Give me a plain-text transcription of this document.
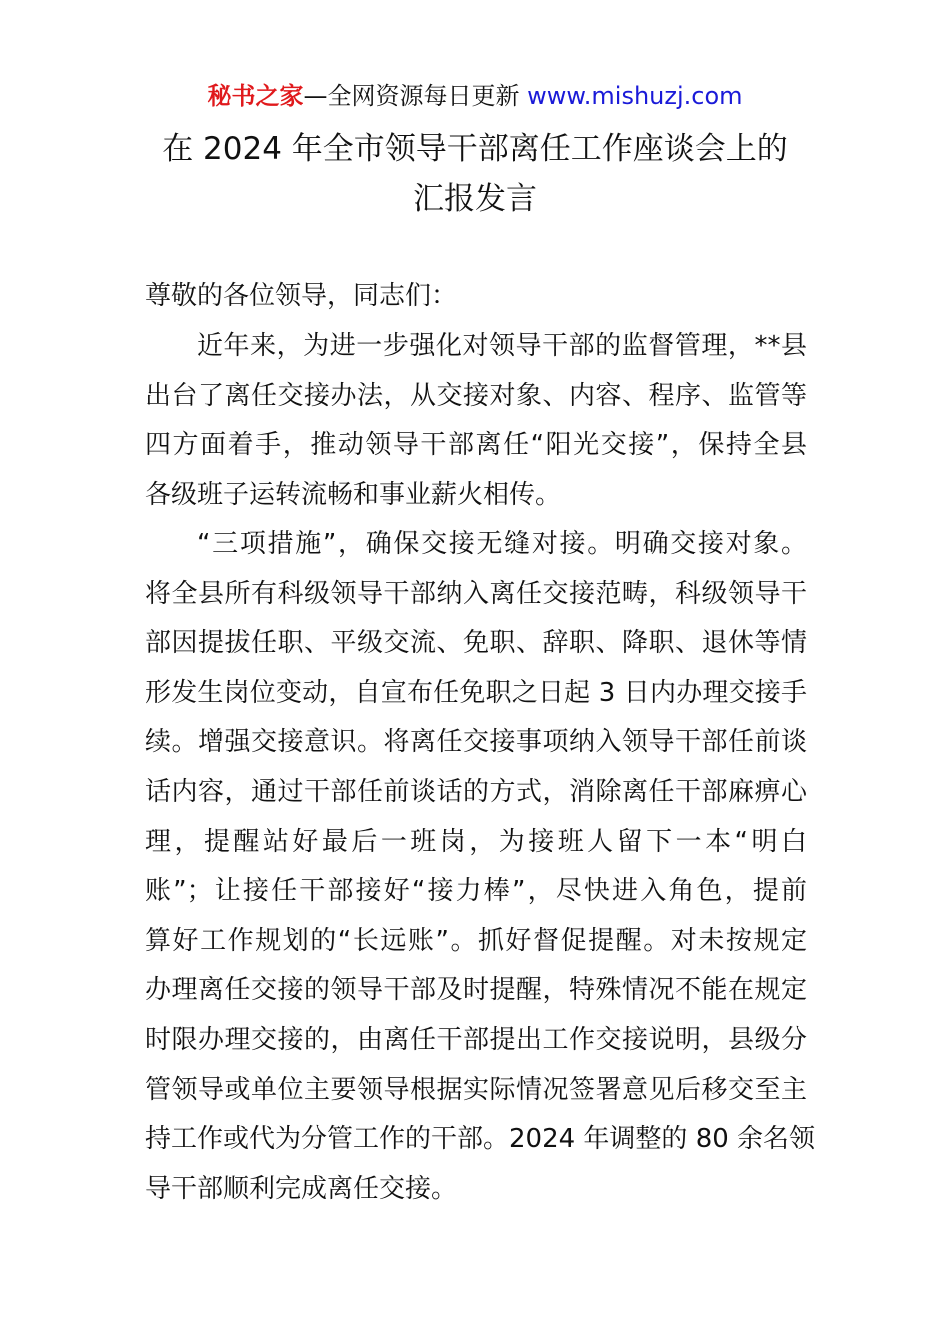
秘书之家—全网资源每日更新 www.mishuzj.com
在 2024 年全市领导干部离任工作座谈会上的
汇报发言
尊敬的各位领导，同志们：
近年来，为进一步强化对领导干部的监督管理，**县
出台了离任交接办法，从交接对象、内容、程序、监管等
四方面着手，推动领导干部离任“阳光交接”，保持全县
各级班子运转流畅和事业薪火相传。
“三项措施”，确保交接无缝对接。明确交接对象。
将全县所有科级领导干部纳入离任交接范畴，科级领导干
部因提拔任职、平级交流、免职、辞职、降职、退休等情
形发生岗位变动，自宣布任免职之日起 3 日内办理交接手
续。增强交接意识。将离任交接事项纳入领导干部任前谈
话内容，通过干部任前谈话的方式，消除离任干部麻痹心
理，提醒站好最后一班岗，为接班人留下一本“明白
账”；让接任干部接好“接力棒”，尽快进入角色，提前
算好工作规划的“长远账”。抓好督促提醒。对未按规定
办理离任交接的领导干部及时提醒，特殊情况不能在规定
时限办理交接的，由离任干部提出工作交接说明，县级分
管领导或单位主要领导根据实际情况签署意见后移交至主
持工作或代为分管工作的干部。2024 年调整的 80 余名领
导干部顺利完成离任交接。
